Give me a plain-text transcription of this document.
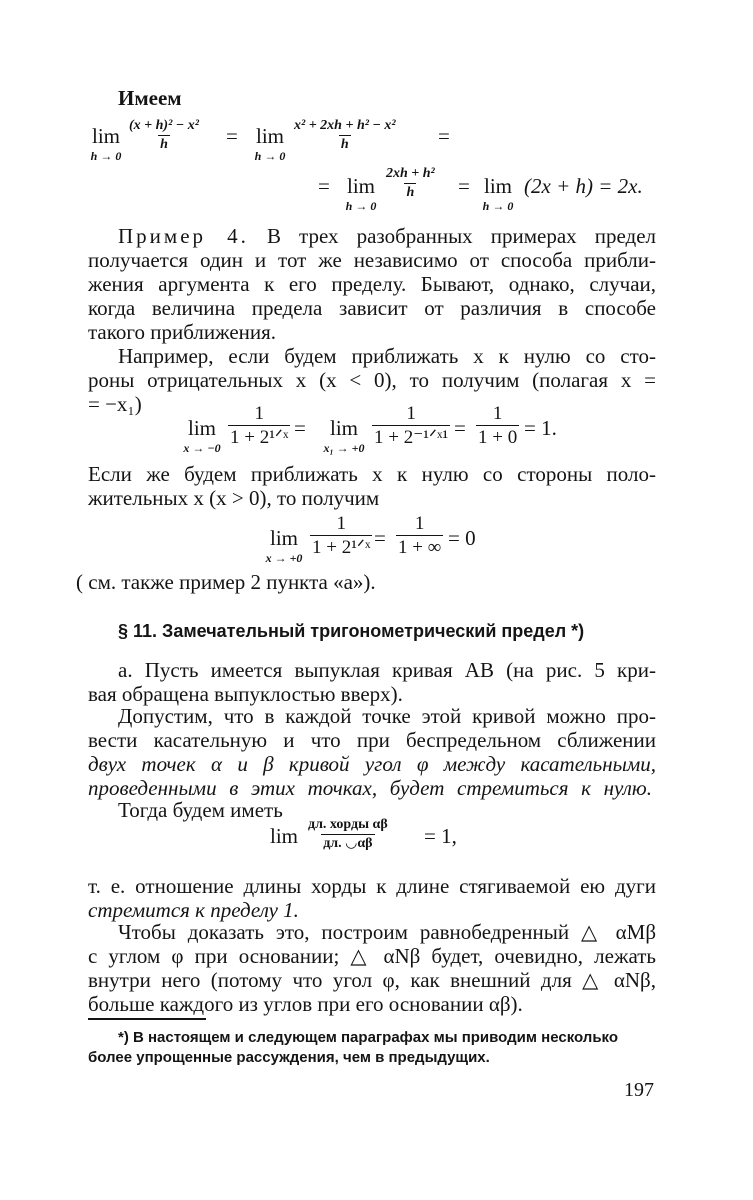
Имеем
lim
h → 0
(x + h)² − x²
h	= lim
h → 0
x² + 2xh + h² − x²
h	=
= lim
h → 0
2xh + h²
h = lim
h → 0
(2x + h) = 2x.
Пример 4. В трех разобранных примерах предел
получается один и тот же независимо от способа прибли-
жения аргумента к его пределу. Бывают, однако, случаи,
когда величина предела зависит от различия в способе
такого приближения.
Например, если будем приближать x к нулю со сто-
роны отрицательных x (x < 0), то получим (полагая x =
= −x₁)
lim
x → −0
1
1 + 2¹ᐟˣ =	lim
x₁ → +0
1
1 + 2⁻¹ᐟˣ¹ =
1
1 + 0 = 1.
Если же будем приближать x к нулю со стороны поло-
жительных x (x > 0), то получим
lim
x → +0
1
1 + 2¹ᐟˣ =
1
1 + ∞ = 0
( см. также пример 2 пункта «а»).
§ 11. Замечательный тригонометрический предел *)
а. Пусть имеется выпуклая кривая AB (на рис. 5 кри-
вая обращена выпуклостью вверх).
Допустим, что в каждой точке этой кривой можно про-
вести касательную и что при беспредельном сближении
двух точек α и β кривой угол φ между касательными,
проведенными в этих точках, будет стремиться к нулю.
Тогда будем иметь
lim дл. хорды αβ
дл. ◡αβ = 1,
т. е. отношение длины хорды к длине стягиваемой ею дуги
стремится к пределу 1.
Чтобы доказать это, построим равнобедренный △ αMβ
с углом φ при основании; △ αNβ будет, очевидно, лежать
внутри него (потому что угол φ, как внешний для △ αNβ,
больше каждого из углов при его основании αβ).
*) В настоящем и следующем параграфах мы приводим несколько
более упрощенные рассуждения, чем в предыдущих.
197
